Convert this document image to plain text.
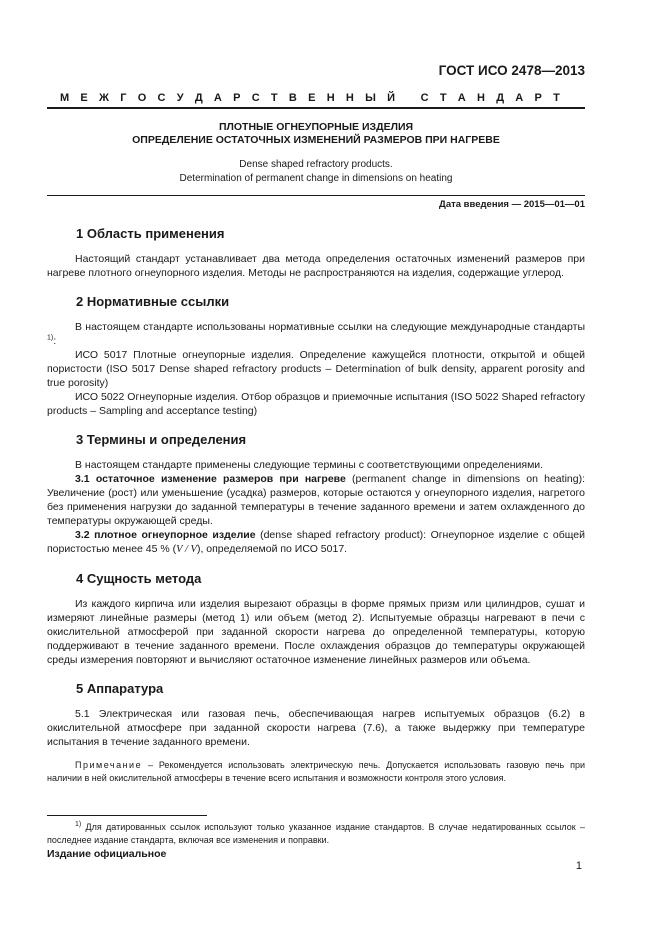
ГОСТ ИСО 2478—2013
М Е Ж Г О С У Д А Р С Т В Е Н Н Ы Й
С Т А Н Д А Р Т
ПЛОТНЫЕ ОГНЕУПОРНЫЕ ИЗДЕЛИЯ
ОПРЕДЕЛЕНИЕ ОСТАТОЧНЫХ ИЗМЕНЕНИЙ РАЗМЕРОВ ПРИ НАГРЕВЕ
Dense shaped refractory products.
Determination of permanent change in dimensions on heating
Дата введения — 2015—01—01
1 Область применения

Настоящий стандарт устанавливает два метода определения остаточных изменений размеров при нагреве плотного огнеупорного изделия. Методы не распространяются на изделия, содержащие углерод.

2 Нормативные ссылки

В настоящем стандарте использованы нормативные ссылки на следующие международные стандарты $^{1)}$:

ИСО 5017 Плотные огнеупорные изделия. Определение кажущейся плотности, открытой и общей пористости (ISO 5017 Dense shaped refractory products – Determination of bulk density, apparent porosity and true porosity)

ИСО 5022 Огнеупорные изделия. Отбор образцов и приемочные испытания (ISO 5022 Shaped refractory products – Sampling and acceptance testing)

3 Термины и определения

В настоящем стандарте применены следующие термины с соответствующими определениями.

3.1 остаточное изменение размеров при нагреве (permanent change in dimensions on heating): Увеличение (рост) или уменьшение (усадка) размеров, которые остаются у огнеупорного изделия, нагретого без применения нагрузки до заданной температуры в течение заданного времени и затем охлажденного до температуры окружающей среды.

3.2 плотное огнеупорное изделие (dense shaped refractory product): Огнеупорное изделие с общей пористостью менее 45 % (V / V), определяемой по ИСО 5017.

4 Сущность метода

Из каждого кирпича или изделия вырезают образцы в форме прямых призм или цилиндров, сушат и измеряют линейные размеры (метод 1) или объем (метод 2). Испытуемые образцы нагревают в печи с окислительной атмосферой при заданной скорости нагрева до определенной температуры, которую поддерживают в течение заданного времени. После охлаждения образцов до температуры окружающей среды измерения повторяют и вычисляют остаточное изменение линейных размеров или объема.

5 Аппаратура

5.1 Электрическая или газовая печь, обеспечивающая нагрев испытуемых образцов (6.2) в окислительной атмосфере при заданной скорости нагрева (7.6), а также выдержку при температуре испытания в течение заданного времени.

Примечание – Рекомендуется использовать электрическую печь. Допускается использовать газовую печь при наличии в ней окислительной атмосферы в течение всего испытания и возможности контроля этого условия.

$^{1)}$ Для датированных ссылок используют только указанное издание стандартов. В случае недатированных ссылок – последнее издание стандарта, включая все изменения и поправки.

Издание официальное
1
